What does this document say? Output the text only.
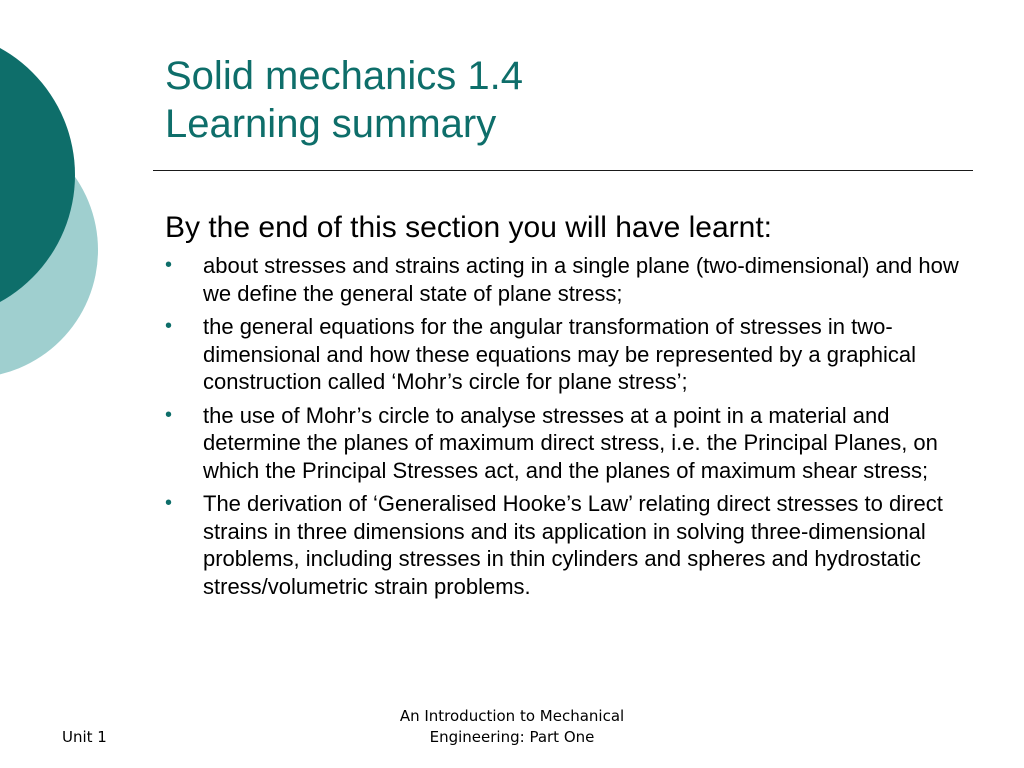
Solid mechanics 1.4
Learning summary
By the end of this section you will have learnt:
• about stresses and strains acting in a single plane (two-dimensional) and how we define the general state of plane stress;
• the general equations for the angular transformation of stresses in two-dimensional and how these equations may be represented by a graphical construction called ‘Mohr’s circle for plane stress’;
• the use of Mohr’s circle to analyse stresses at a point in a material and determine the planes of maximum direct stress, i.e. the Principal Planes, on which the Principal Stresses act, and the planes of maximum shear stress;
• The derivation of ‘Generalised Hooke’s Law’ relating direct stresses to direct strains in three dimensions and its application in solving three-dimensional problems, including stresses in thin cylinders and spheres and hydrostatic stress/volumetric strain problems.
Unit 1
An Introduction to Mechanical
Engineering: Part One
